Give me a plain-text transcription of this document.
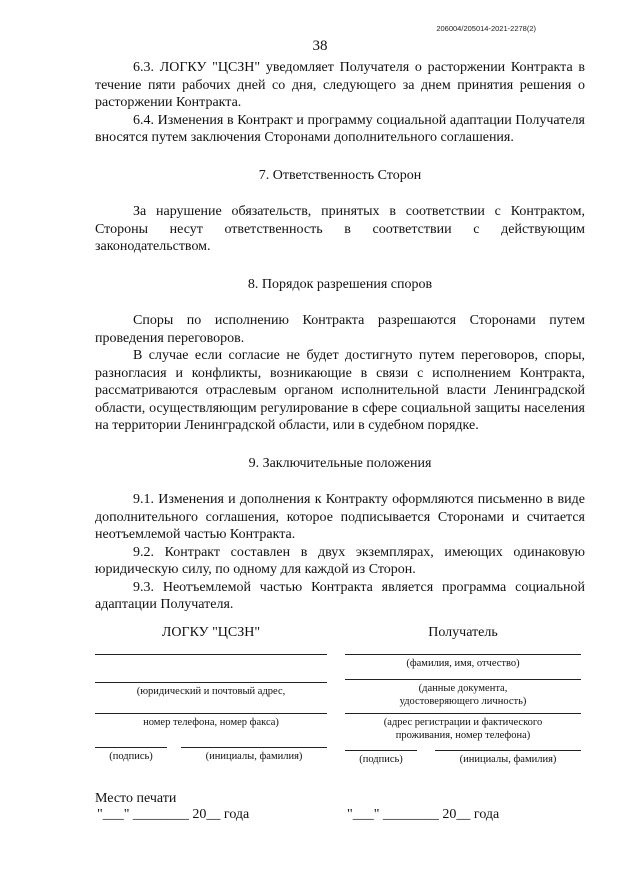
206004/205014-2021-2278(2)
38

6.3. ЛОГКУ "ЦСЗН" уведомляет Получателя о расторжении Контракта в течение пяти рабочих дней со дня, следующего за днем принятия решения о расторжении Контракта.

6.4. Изменения в Контракт и программу социальной адаптации Получателя вносятся путем заключения Сторонами дополнительного соглашения.

7. Ответственность Сторон

За нарушение обязательств, принятых в соответствии с Контрактом, Стороны несут ответственность в соответствии с действующим законодательством.

8. Порядок разрешения споров

Споры по исполнению Контракта разрешаются Сторонами путем проведения переговоров.

В случае если согласие не будет достигнуто путем переговоров, споры, разногласия и конфликты, возникающие в связи с исполнением Контракта, рассматриваются отраслевым органом исполнительной власти Ленинградской области, осуществляющим регулирование в сфере социальной защиты населения на территории Ленинградской области, или в судебном порядке.

9. Заключительные положения

9.1. Изменения и дополнения к Контракту оформляются письменно в виде дополнительного соглашения, которое подписывается Сторонами и считается неотъемлемой частью Контракта.

9.2. Контракт составлен в двух экземплярах, имеющих одинаковую юридическую силу, по одному для каждой из Сторон.

9.3. Неотъемлемой частью Контракта является программа социальной адаптации Получателя.

ЛОГКУ "ЦСЗН"
(юридический и почтовый адрес,
номер телефона, номер факса)
(подпись)	(инициалы, фамилия)
Получатель
(фамилия, имя, отчество)
(данные документа, удостоверяющего личность)
(адрес регистрации и фактического проживания, номер телефона)
(подпись)	(инициалы, фамилия)
Место печати
"___" ________ 20__ года	"___" ________ 20__ года
